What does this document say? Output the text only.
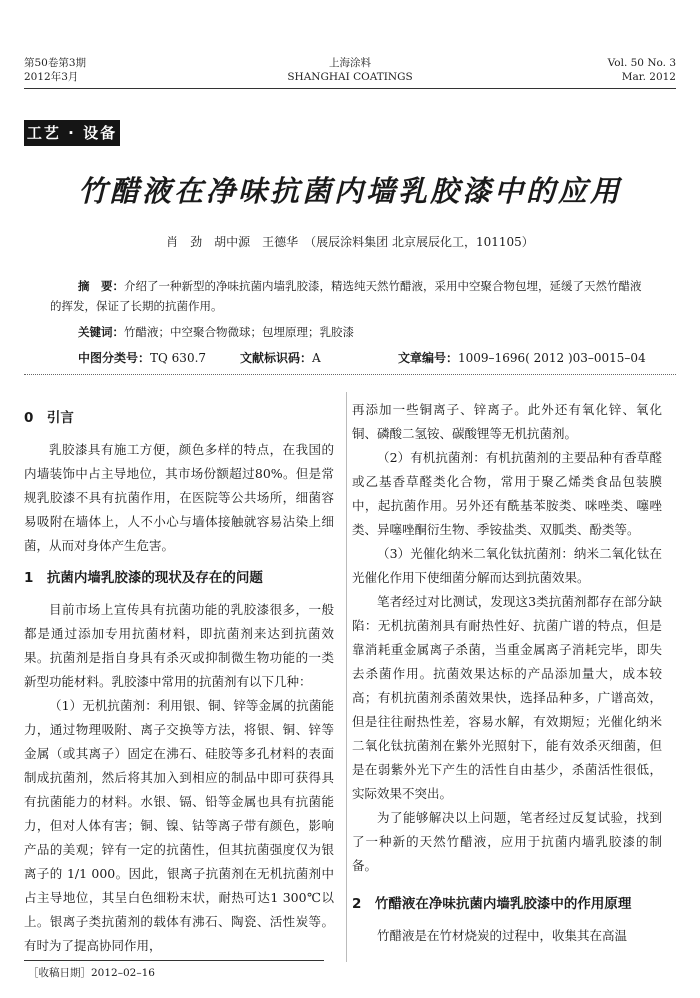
第50卷第3期
2012年3月
上海涂料
SHANGHAI COATINGS
Vol. 50 No. 3
Mar. 2012
工艺 · 设备
竹醋液在净味抗菌内墙乳胶漆中的应用
肖　劲　胡中源　王德华　（展辰涂料集团 北京展辰化工，101105）
摘　要：介绍了一种新型的净味抗菌内墙乳胶漆，精选纯天然竹醋液，采用中空聚合物包埋，延缓了天然竹醋液的挥发，保证了长期的抗菌作用。
关键词：竹醋液；中空聚合物微球；包埋原理；乳胶漆
中图分类号：TQ 630.7	文献标识码：A	文章编号：1009–1696( 2012 )03–0015–04
0　引言

乳胶漆具有施工方便，颜色多样的特点，在我国的内墙装饰中占主导地位，其市场份额超过80%。但是常规乳胶漆不具有抗菌作用，在医院等公共场所，细菌容易吸附在墙体上，人不小心与墙体接触就容易沾染上细菌，从而对身体产生危害。

1　抗菌内墙乳胶漆的现状及存在的问题

目前市场上宣传具有抗菌功能的乳胶漆很多，一般都是通过添加专用抗菌材料，即抗菌剂来达到抗菌效果。抗菌剂是指自身具有杀灭或抑制微生物功能的一类新型功能材料。乳胶漆中常用的抗菌剂有以下几种：

（1）无机抗菌剂：利用银、铜、锌等金属的抗菌能力，通过物理吸附、离子交换等方法，将银、铜、锌等金属（或其离子）固定在沸石、硅胶等多孔材料的表面制成抗菌剂，然后将其加入到相应的制品中即可获得具有抗菌能力的材料。水银、镉、铅等金属也具有抗菌能力，但对人体有害；铜、镍、钴等离子带有颜色，影响产品的美观；锌有一定的抗菌性，但其抗菌强度仅为银离子的 1/1 000。因此，银离子抗菌剂在无机抗菌剂中占主导地位，其呈白色细粉末状，耐热可达1 300℃以上。银离子类抗菌剂的载体有沸石、陶瓷、活性炭等。有时为了提高协同作用，

再添加一些铜离子、锌离子。此外还有氧化锌、氧化铜、磷酸二氢铵、碳酸锂等无机抗菌剂。

（2）有机抗菌剂：有机抗菌剂的主要品种有香草醛或乙基香草醛类化合物，常用于聚乙烯类食品包装膜中，起抗菌作用。另外还有酰基苯胺类、咪唑类、噻唑类、异噻唑酮衍生物、季铵盐类、双胍类、酚类等。

（3）光催化纳米二氧化钛抗菌剂：纳米二氧化钛在光催化作用下使细菌分解而达到抗菌效果。

笔者经过对比测试，发现这3类抗菌剂都存在部分缺陷：无机抗菌剂具有耐热性好、抗菌广谱的特点，但是靠消耗重金属离子杀菌，当重金属离子消耗完毕，即失去杀菌作用。抗菌效果达标的产品添加量大，成本较高；有机抗菌剂杀菌效果快，选择品种多，广谱高效，但是往往耐热性差，容易水解，有效期短；光催化纳米二氧化钛抗菌剂在紫外光照射下，能有效杀灭细菌，但是在弱紫外光下产生的活性自由基少，杀菌活性很低，实际效果不突出。

为了能够解决以上问题，笔者经过反复试验，找到了一种新的天然竹醋液，应用于抗菌内墙乳胶漆的制备。

2　竹醋液在净味抗菌内墙乳胶漆中的作用原理

竹醋液是在竹材烧炭的过程中，收集其在高温

［收稿日期］2012–02–16
